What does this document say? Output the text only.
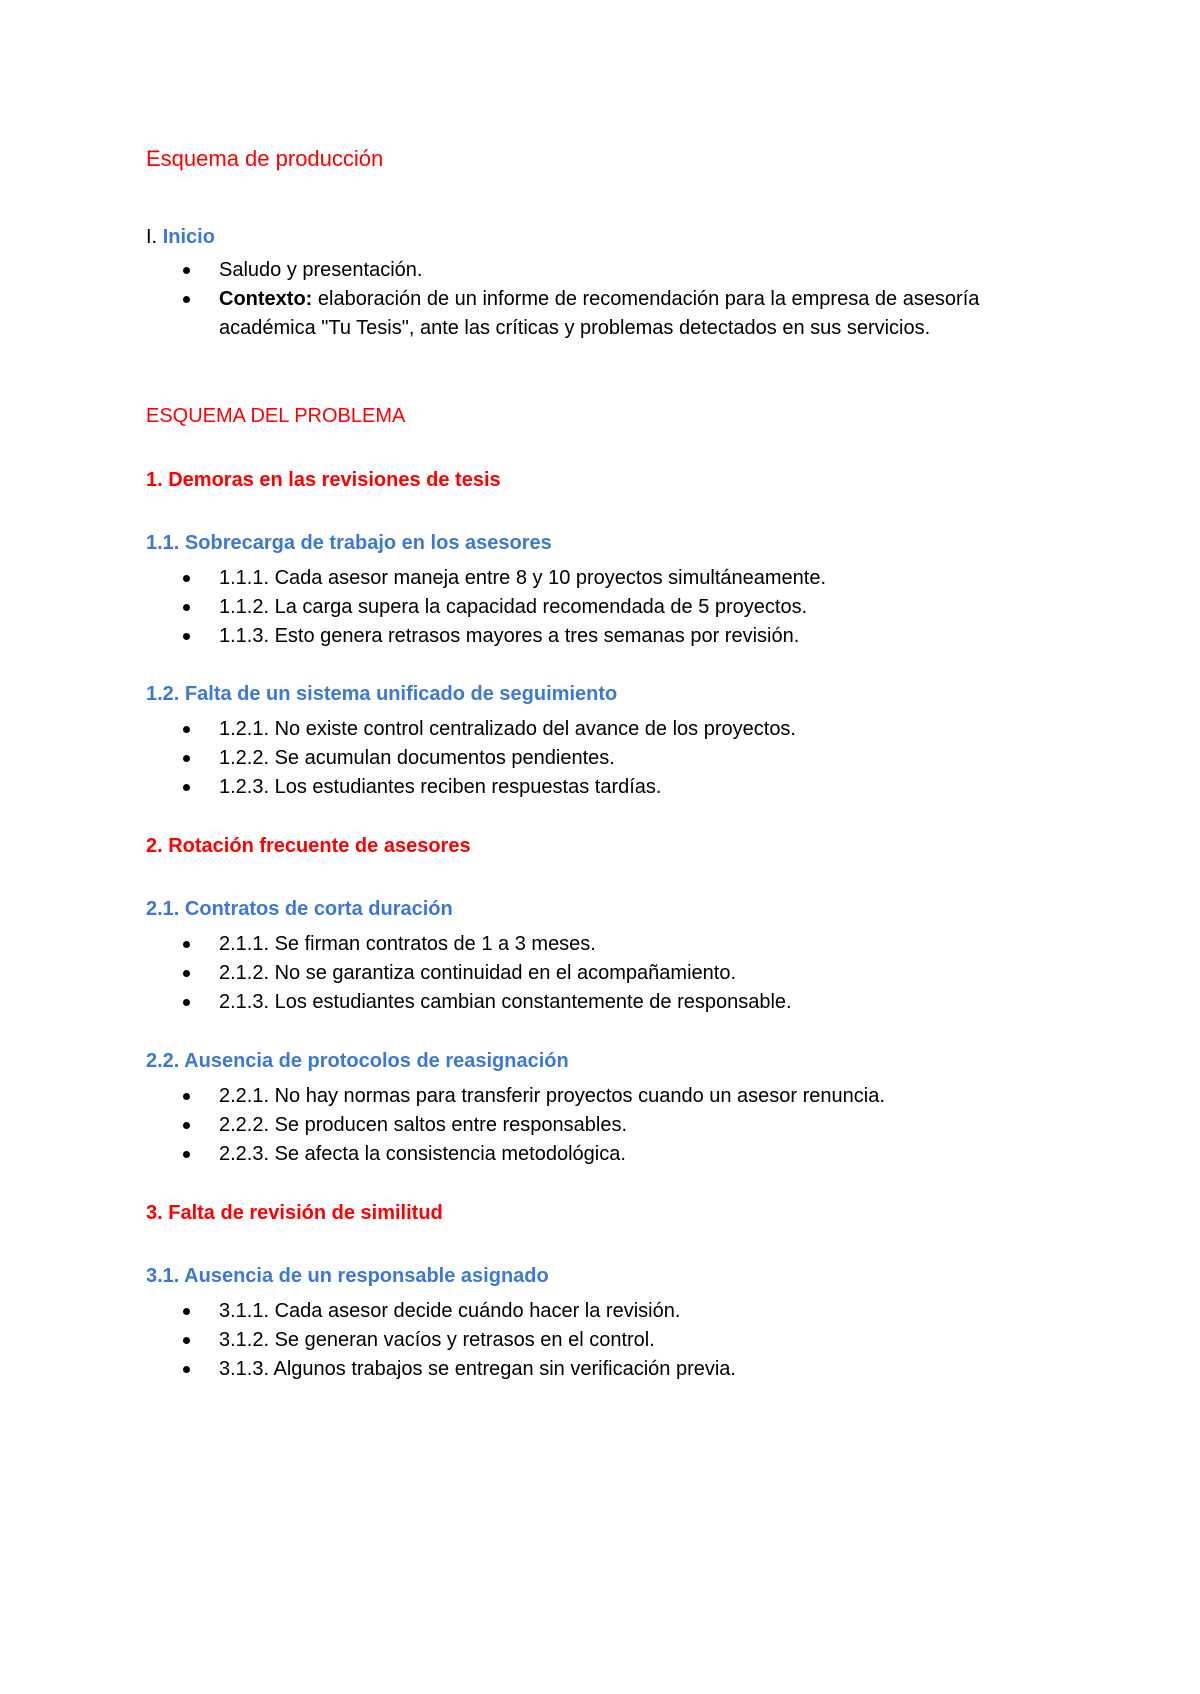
Esquema de producción
I. Inicio
Saludo y presentación.
Contexto: elaboración de un informe de recomendación para la empresa de asesoría académica "Tu Tesis", ante las críticas y problemas detectados en sus servicios.
ESQUEMA DEL PROBLEMA
1. Demoras en las revisiones de tesis
1.1. Sobrecarga de trabajo en los asesores
1.1.1. Cada asesor maneja entre 8 y 10 proyectos simultáneamente.
1.1.2. La carga supera la capacidad recomendada de 5 proyectos.
1.1.3. Esto genera retrasos mayores a tres semanas por revisión.
1.2. Falta de un sistema unificado de seguimiento
1.2.1. No existe control centralizado del avance de los proyectos.
1.2.2. Se acumulan documentos pendientes.
1.2.3. Los estudiantes reciben respuestas tardías.
2. Rotación frecuente de asesores
2.1. Contratos de corta duración
2.1.1. Se firman contratos de 1 a 3 meses.
2.1.2. No se garantiza continuidad en el acompañamiento.
2.1.3. Los estudiantes cambian constantemente de responsable.
2.2. Ausencia de protocolos de reasignación
2.2.1. No hay normas para transferir proyectos cuando un asesor renuncia.
2.2.2. Se producen saltos entre responsables.
2.2.3. Se afecta la consistencia metodológica.
3. Falta de revisión de similitud
3.1. Ausencia de un responsable asignado
3.1.1. Cada asesor decide cuándo hacer la revisión.
3.1.2. Se generan vacíos y retrasos en el control.
3.1.3. Algunos trabajos se entregan sin verificación previa.
